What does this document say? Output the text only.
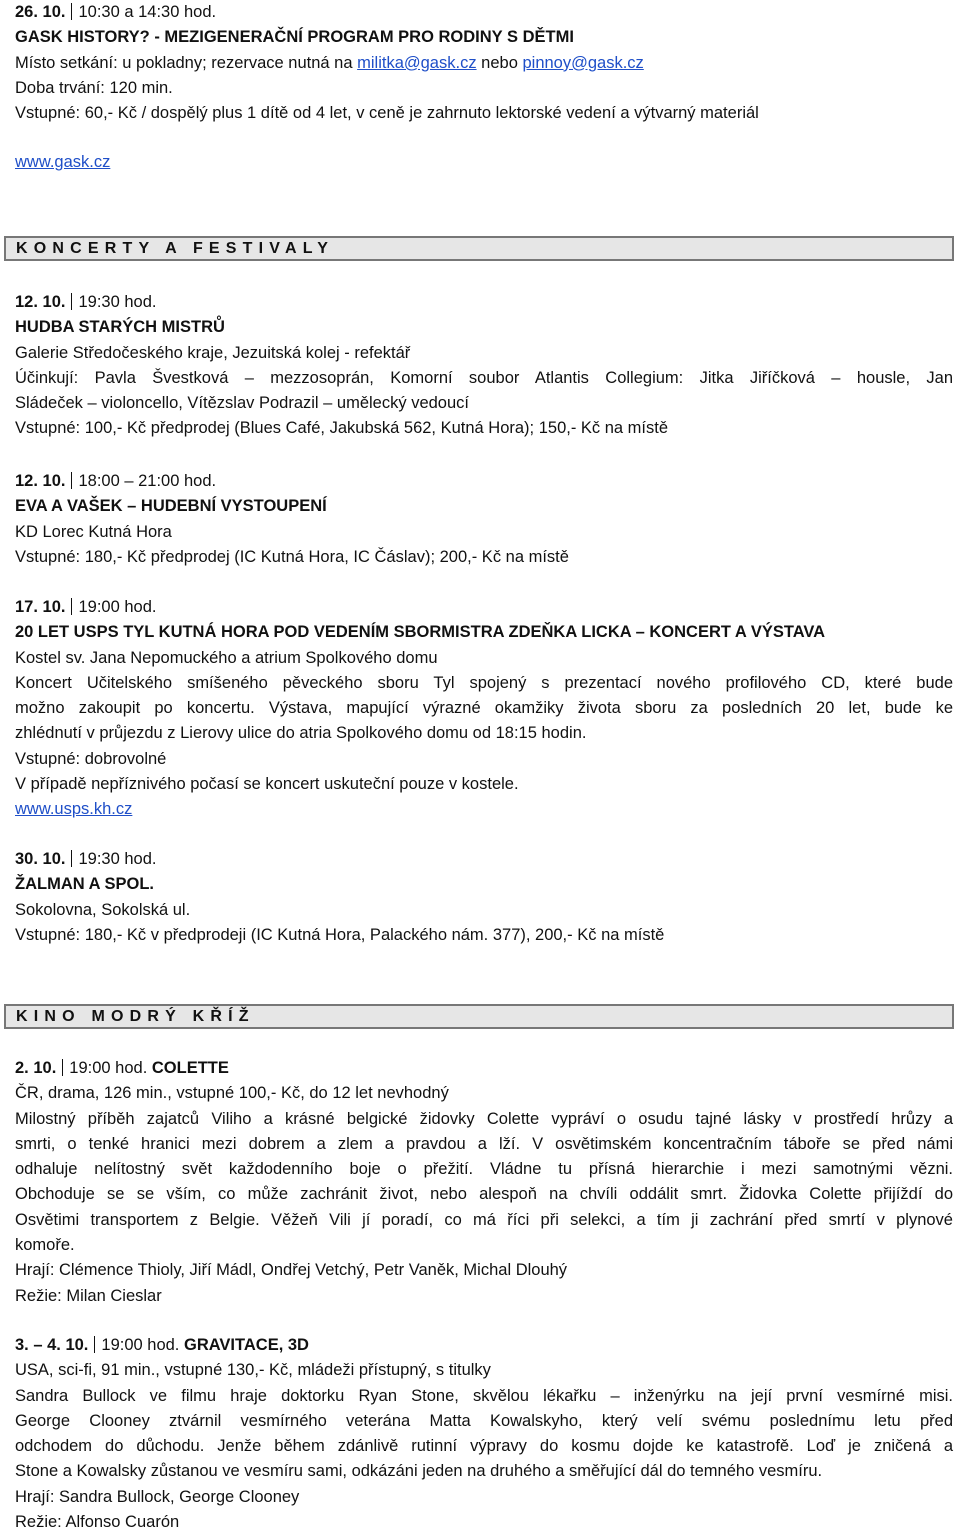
26. 10. 10:30 a 14:30 hod.
GASK HISTORY? - MEZIGENERAČNÍ PROGRAM PRO RODINY S DĚTMI
Místo setkání: u pokladny; rezervace nutná na militka@gask.cz nebo pinnoy@gask.cz
Doba trvání: 120 min.
Vstupné: 60,- Kč / dospělý plus 1 dítě od 4 let, v ceně je zahrnuto lektorské vedení a výtvarný materiál
www.gask.cz
KONCERTY A FESTIVALY
12. 10. 19:30 hod.
HUDBA STARÝCH MISTRŮ
Galerie Středočeského kraje, Jezuitská kolej - refektář
Účinkují: Pavla Švestková – mezzosoprán, Komorní soubor Atlantis Collegium: Jitka Jiříčková – housle, Jan
Sládeček – violoncello, Vítězslav Podrazil – umělecký vedoucí
Vstupné: 100,- Kč předprodej (Blues Café, Jakubská 562, Kutná Hora); 150,- Kč na místě
12. 10. 18:00 – 21:00 hod.
EVA A VAŠEK – HUDEBNÍ VYSTOUPENÍ
KD Lorec Kutná Hora
Vstupné: 180,- Kč předprodej (IC Kutná Hora, IC Čáslav); 200,- Kč na místě
17. 10. 19:00 hod.
20 LET USPS TYL KUTNÁ HORA POD VEDENÍM SBORMISTRA ZDEŇKA LICKA – KONCERT A VÝSTAVA
Kostel sv. Jana Nepomuckého a atrium Spolkového domu
Koncert Učitelského smíšeného pěveckého sboru Tyl spojený s prezentací nového profilového CD, které bude
možno zakoupit po koncertu. Výstava, mapující výrazné okamžiky života sboru za posledních 20 let, bude ke
zhlédnutí v průjezdu z Lierovy ulice do atria Spolkového domu od 18:15 hodin.
Vstupné: dobrovolné
V případě nepříznivého počasí se koncert uskuteční pouze v kostele.
www.usps.kh.cz
30. 10. 19:30 hod.
ŽALMAN A SPOL.
Sokolovna, Sokolská ul.
Vstupné: 180,- Kč v předprodeji (IC Kutná Hora, Palackého nám. 377), 200,- Kč na místě
KINO MODRÝ KŘÍŽ
2. 10. 19:00 hod. COLETTE
ČR, drama, 126 min., vstupné 100,- Kč, do 12 let nevhodný
Milostný příběh zajatců Viliho a krásné belgické židovky Colette vypráví o osudu tajné lásky v prostředí hrůzy a
smrti, o tenké hranici mezi dobrem a zlem a pravdou a lží. V osvětimském koncentračním táboře se před námi
odhaluje nelítostný svět každodenního boje o přežití. Vládne tu přísná hierarchie i mezi samotnými vězni.
Obchoduje se se vším, co může zachránit život, nebo alespoň na chvíli oddálit smrt. Židovka Colette přijíždí do
Osvětimi transportem z Belgie. Věžeň Vili jí poradí, co má říci při selekci, a tím ji zachrání před smrtí v plynové
komoře.
Hrají: Clémence Thioly, Jiří Mádl, Ondřej Vetchý, Petr Vaněk, Michal Dlouhý
Režie: Milan Cieslar
3. – 4. 10. 19:00 hod. GRAVITACE, 3D
USA, sci-fi, 91 min., vstupné 130,- Kč, mládeži přístupný, s titulky
Sandra Bullock ve filmu hraje doktorku Ryan Stone, skvělou lékařku – inženýrku na její první vesmírné misi.
George Clooney ztvárnil vesmírného veterána Matta Kowalskyho, který velí svému poslednímu letu před
odchodem do důchodu. Jenže během zdánlivě rutinní výpravy do kosmu dojde ke katastrofě. Loď je zničená a
Stone a Kowalsky zůstanou ve vesmíru sami, odkázáni jeden na druhého a směřující dál do temného vesmíru.
Hrají: Sandra Bullock, George Clooney
Režie: Alfonso Cuarón
